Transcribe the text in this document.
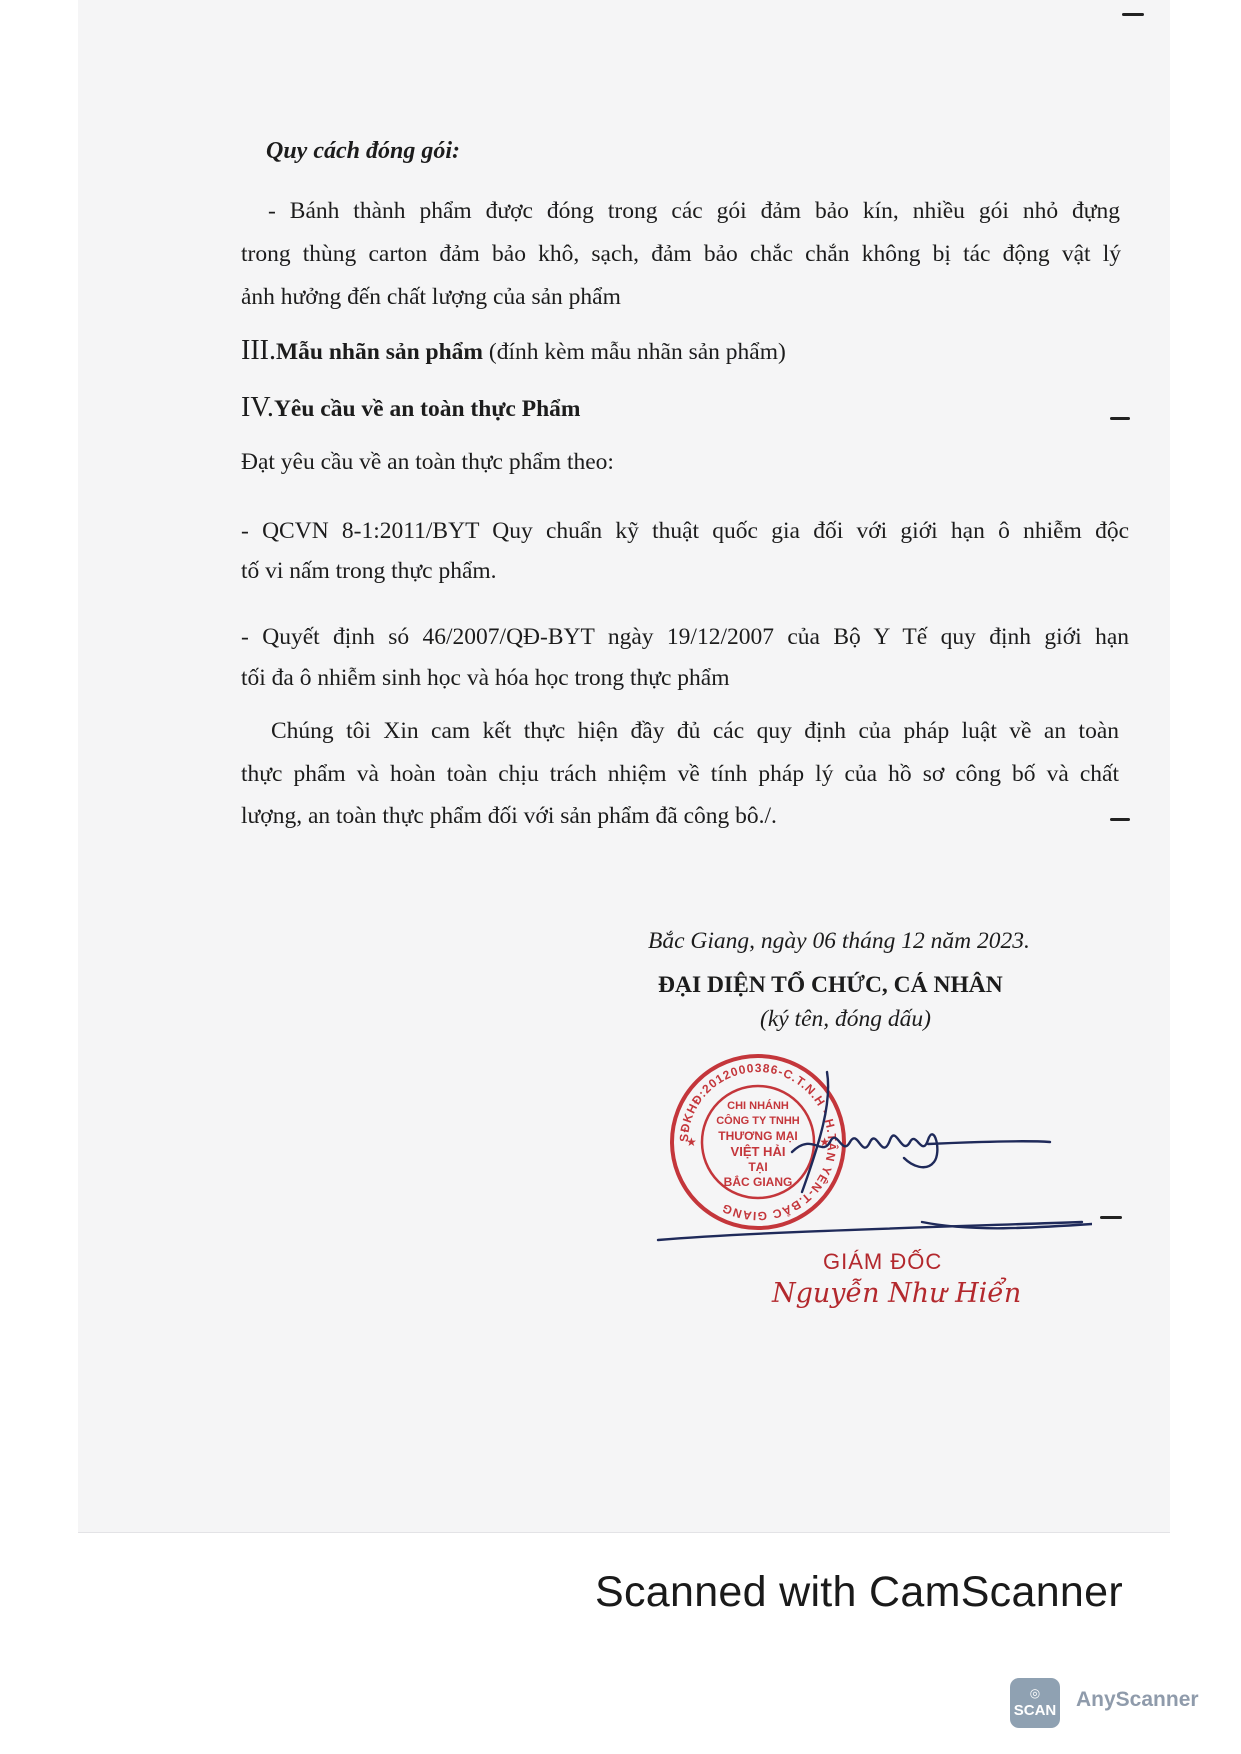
Quy cách đóng gói:
- Bánh thành phẩm được đóng trong các gói đảm bảo kín, nhiều gói nhỏ đựng
trong thùng carton đảm bảo khô, sạch, đảm bảo chắc chắn không bị tác động vật lý
ảnh hưởng đến chất lượng của sản phẩm
III.Mẫu nhãn sản phẩm (đính kèm mẫu nhãn sản phẩm)
IV.Yêu cầu về an toàn thực Phẩm
Đạt yêu cầu về an toàn thực phẩm theo:
- QCVN 8-1:2011/BYT Quy chuẩn kỹ thuật quốc gia đối với giới hạn ô nhiễm độc
tố vi nấm trong thực phẩm.
- Quyết định só 46/2007/QĐ-BYT ngày 19/12/2007 của Bộ Y Tế quy định giới hạn
tối đa ô nhiễm sinh học và hóa học trong thực phẩm
Chúng tôi Xin cam kết thực hiện đầy đủ các quy định của pháp luật về an toàn
thực phẩm và hoàn toàn chịu trách nhiệm về tính pháp lý của hồ sơ công bố và chất
lượng, an toàn thực phẩm đối với sản phẩm đã công bô./.
Bắc Giang, ngày 06 tháng 12 năm 2023.
ĐẠI DIỆN TỔ CHỨC, CÁ NHÂN
(ký tên, đóng dấu)
SĐKHĐ:2012000386-C.T.N.H - H.TÂN YÊN-T.BẮC GIANG
★	★
CHI NHÁNH
CÔNG TY TNHH
THƯƠNG MẠI
VIỆT HẢI
TẠI
BẮC GIANG
GIÁM ĐỐC
Nguyễn Như Hiển
Scanned with CamScanner
◎
SCAN AnyScanner
